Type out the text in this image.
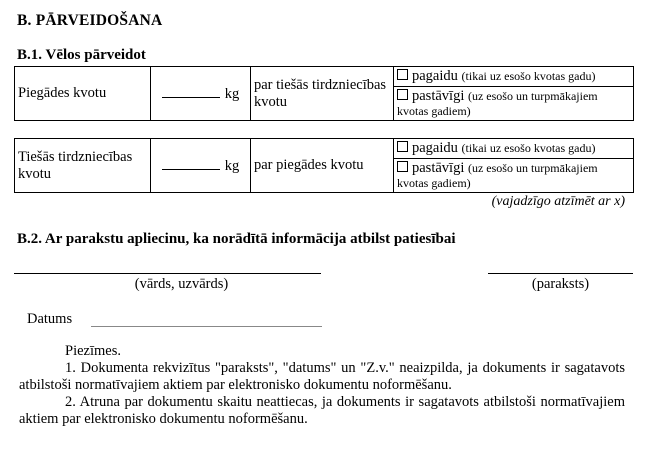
B. PĀRVEIDOŠANA
B.1. Vēlos pārveidot
Piegādes kvotu	kg	par tiešās tirdzniecības kvotu	pagaidu (tikai uz esošo kvotas gadu)
pastāvīgi (uz esošo un turpmākajiem kvotas gadiem)
Tiešās tirdzniecības kvotu	kg	par piegādes kvotu	pagaidu (tikai uz esošo kvotas gadu)
pastāvīgi (uz esošo un turpmākajiem kvotas gadiem)
(vajadzīgo atzīmēt ar x)
B.2. Ar parakstu apliecinu, ka norādītā informācija atbilst patiesībai
(vārds, uzvārds)	(paraksts)
Datums

Piezīmes.

1. Dokumenta rekvizītus "paraksts", "datums" un "Z.v." neaizpilda, ja dokuments ir sagatavots atbilstoši normatīvajiem aktiem par elektronisko dokumentu noformēšanu.

2. Atruna par dokumentu skaitu neattiecas, ja dokuments ir sagatavots atbilstoši normatīvajiem aktiem par elektronisko dokumentu noformēšanu.
